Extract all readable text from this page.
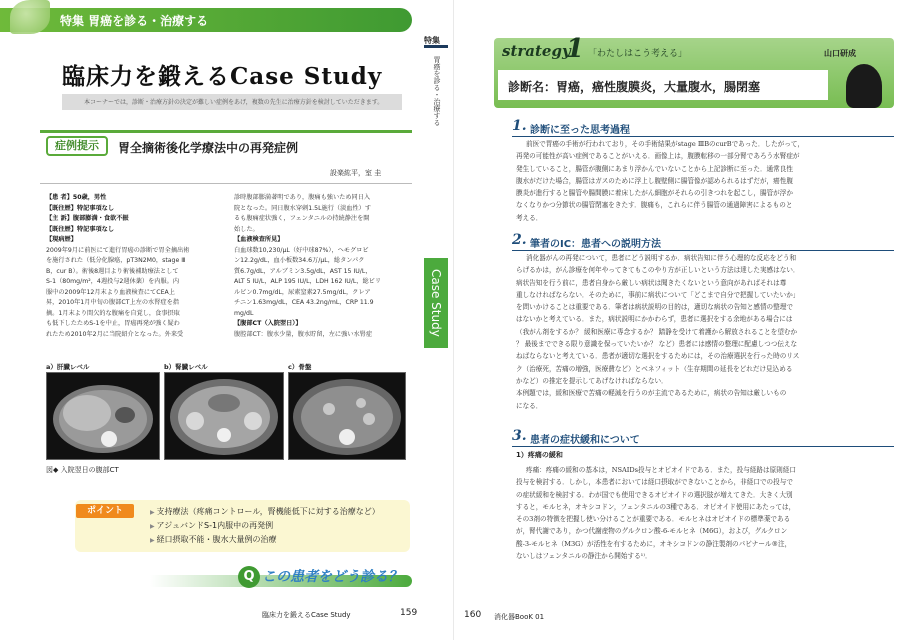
特集 胃癌を診る・治療する
臨床力を鍛えるCase Study
本コーナーでは，診断・治療方針の決定が難しい症例をあげ，複数の先生に治療方針を検討していただきます。
症例提示	胃全摘術後化学療法中の再発症例
設楽紘平，室 圭

【患 者】50歳，男性

【既往歴】特記事項なし

【主 訴】腹部膨満・食欲不振

【既往歴】特記事項なし

【現病歴】

2009年9月に前医にて進行胃癌の診断で胃全摘出術

を施行された（低分化腺癌，pT3N2M0，stage Ⅲ

B，cur B）。術後8週目より術後補助療法として

S-1（80mg/m²，4週投与2週休薬）を内服。内

服中の2009年12月末より血液検査にてCEA上

昇，2010年1月中旬の腹部CT上左の水腎症を指

摘。1月末より間欠的な腹痛を自覚し，食事摂取

も低下したためS-1を中止，胃癌再発が強く疑わ

れたため2010年2月に当院紹介となった。外来受

診時腹部膨満著明であり，腹痛も強いため同日入

院となった。同日腹水穿刺1.5L施行（淡血性）す

るも腹痛症状強く，フェンタニルの持続静注を開

始した。

【血液検査所見】

白血球数10,230/μL（好中球87%），ヘモグロビ

ン12.2g/dL，血小板数34.6万/μL，総タンパク

質6.7g/dL，アルブミン3.5g/dL，AST 15 IU/L，

ALT 5 IU/L，ALP 195 IU/L，LDH 162 IU/L，総ビリ

ルビン0.7mg/dL，尿素窒素27.5mg/dL，クレア

チニン1.63mg/dL，CEA 43.2ng/mL，CRP 11.9

mg/dL

【腹部CT（入院翌日）】

腹腔部CT：腹水少量，腹水貯留，左に強い水腎症

a）肝臓レベル	b）腎臓レベル	c）骨盤
図◆ 入院翌日の腹部CT
ポイント
▶	支持療法（疼痛コントロール，腎機能低下に対する治療など）
▶ アジュバンドS-1内服中の再発例
▶ 経口摂取不能・腹水大量例の治療
Q この患者をどう診る？
臨床力を鍛えるCase Study	159
特集
胃癌を診る・治療する
Case Study
strategy
1 「わたしはこう考える」	山口研成
診断名：胃癌，癌性腹膜炎，大量腹水，腸閉塞
1. 診断に至った思考過程

前医で胃癌の手術が行われており，その手術結果がstage ⅢBのcurBであった．したがって，

再発の可能性が高い症例であることがいえる．画像上は，腹膜転移の一部分腎であろう水腎症が

発生していること，腸管が腹側にあまり浮かんでいないことから上記診断に至った．通常良性

腹水がだけた場合，腸管はガスのために浮上し腹壁側に腸管像が認められるはずだが，癌性腹

膜炎が進行すると腸管や腸間膜に着床したがん細胞がそれらの引きつれを起こし，腸管が浮か

なくなりかつ分節状の腸管閉塞をきたす．腹痛も，これらに伴う腸管の通過障害によるものと

考える．

2. 筆者のIC：患者への説明方法

消化器がんの再発について，患者にどう説明するか．病状告知に伴う心理的な反応をどう和

らげるかは，がん診療を何年やってきてもこのやり方が正しいという方法は達した実感はない．

病状告知を行う前に，患者自身から厳しい病状は聞きたくないという意向があればそれは尊

重しなければならない．そのために，事前に病状について「どこまで自分で把握していたいか」

を問いかけることは重要である．筆者は病状説明の目的は，適切な病状の告知と感情の整理で

はないかと考えている．また，病状説明にかかわらず，患者に選択をする余地がある場合には

（我がん剤をするか？ 緩和医療に専念するか？ 踏静を受けて着護から解放されることを望むか

？ 最後までできる限り意識を保っていたいか？ など）患者には感情の整理に配慮しつつ伝えな

ねばならないと考えている．患者が適切な選択をするためには，その治療選択を行った時のリス

ク（治療死，苦痛の増強，医療費など）とベネフィット（生存期間の延長をどれだけ見込める

かなど）の推定を提示してあげなければならない．

本例題では，緩和医療で苦痛の軽減を行うのが主流であるために，病状の告知は厳しいもの

になる．

3. 患者の症状緩和について
1）疼痛の緩和

疼痛：疼痛の緩和の基本は，NSAIDs投与とオピオイドである．また，投与経路は原則経口

投与を検討する．しかし，本患者においては経口摂取ができないことから，非経口での投与で

の症状緩和を検討する．わが国でも使用できるオピオイドの選択肢が増えてきた．大きく大別

すると，モルヒネ，オキシコドン，フェンタニルの3種である．オピオイド使用にあたっては，

その3剤の特徴を把握し使い分けることが重要である．モルヒネはオピオイドの標準薬である

が，腎代謝であり，かつ代謝産物のグルクロン酸-6-モルヒネ（M6G），および，グルクロン

酸-3-モルヒネ（M3G）が活性を有するために，オキシコドンの静注製剤のパビナール®注，

ないしはフェンタニルの静注から開始する¹⁾．

160 消化器BooK 01
